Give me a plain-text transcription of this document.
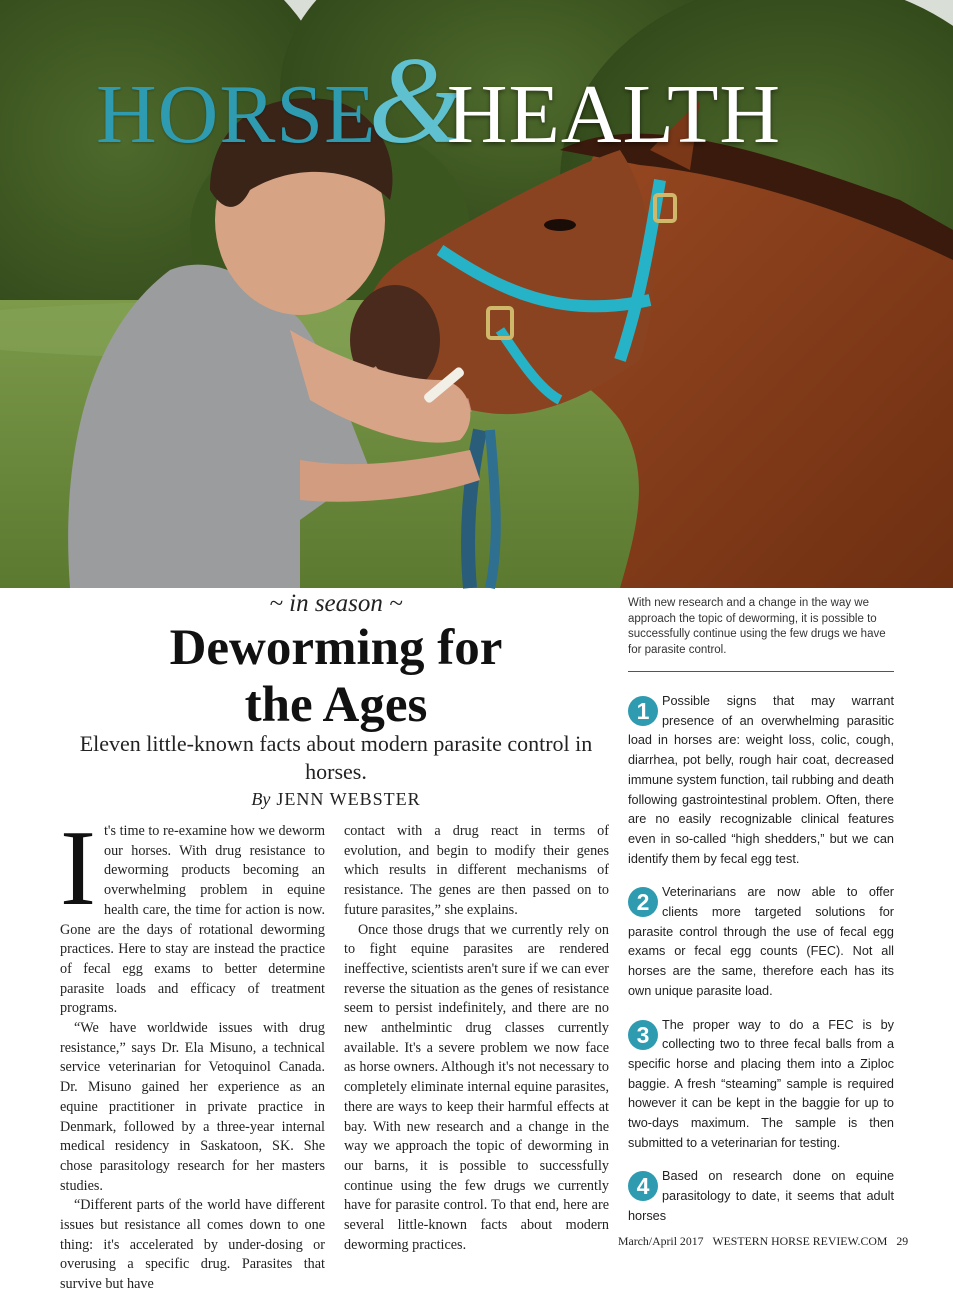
HORSE&HEALTH
~ in season ~
Deworming for
the Ages
Eleven little-known facts about modern parasite control in horses.
By JENN WEBSTER

It's time to re-examine how we deworm our horses. With drug resistance to deworming products becoming an overwhelming problem in equine health care, the time for action is now. Gone are the days of rotational deworming practices. Here to stay are instead the practice of fecal egg exams to better determine parasite loads and efficacy of treatment programs.

“We have worldwide issues with drug resistance,” says Dr. Ela Misuno, a technical service veterinarian for Vetoquinol Canada. Dr. Misuno gained her experience as an equine practitioner in private practice in Denmark, followed by a three-year internal medical residency in Saskatoon, SK. She chose parasitology research for her masters studies.

“Different parts of the world have different issues but resistance all comes down to one thing: it's accelerated by under-dosing or overusing a specific drug. Parasites that survive but have

contact with a drug react in terms of evolution, and begin to modify their genes which results in different mechanisms of resistance. The genes are then passed on to future parasites,” she explains.

Once those drugs that we currently rely on to fight equine parasites are rendered ineffective, scientists aren't sure if we can ever reverse the situation as the genes of resistance seem to persist indefinitely, and there are no new anthelmintic drug classes currently available. It's a severe problem we now face as horse owners. Although it's not necessary to completely eliminate internal equine parasites, there are ways to keep their harmful effects at bay. With new research and a change in the way we approach the topic of deworming in our barns, it is possible to successfully continue using the few drugs we currently have for parasite control. To that end, here are several little-known facts about modern deworming practices.

With new research and a change in the way we approach the topic of deworming, it is possible to successfully continue using the few drugs we have for parasite control.
1 Possible signs that may warrant presence of an overwhelming parasitic load in horses are: weight loss, colic, cough, diarrhea, pot belly, rough hair coat, decreased immune system function, tail rubbing and death following gastrointestinal problem. Often, there are no easily recognizable clinical features even in so-called “high shedders,” but we can identify them by fecal egg test.
2 Veterinarians are now able to offer clients more targeted solutions for parasite control through the use of fecal egg exams or fecal egg counts (FEC). Not all horses are the same, therefore each has its own unique parasite load.
3 The proper way to do a FEC is by collecting two to three fecal balls from a specific horse and placing them into a Ziploc baggie. A fresh “steaming” sample is required however it can be kept in the baggie for up to two-days maximum. The sample is then submitted to a veterinarian for testing.
4 Based on research done on equine parasitology to date, it seems that adult horses
March/April 2017 WESTERN HORSE REVIEW.COM 29
